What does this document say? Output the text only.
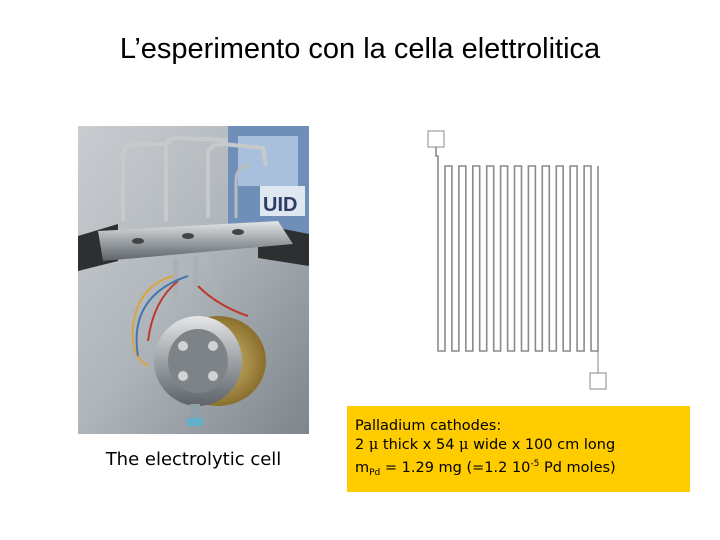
L’esperimento con la cella elettrolitica
UID
The electrolytic cell
Palladium cathodes:
2 μ thick x 54 μ wide x 100 cm long
$m_{Pd} = 1.29$ mg (=1.2 $10^{-5}$ Pd moles)
